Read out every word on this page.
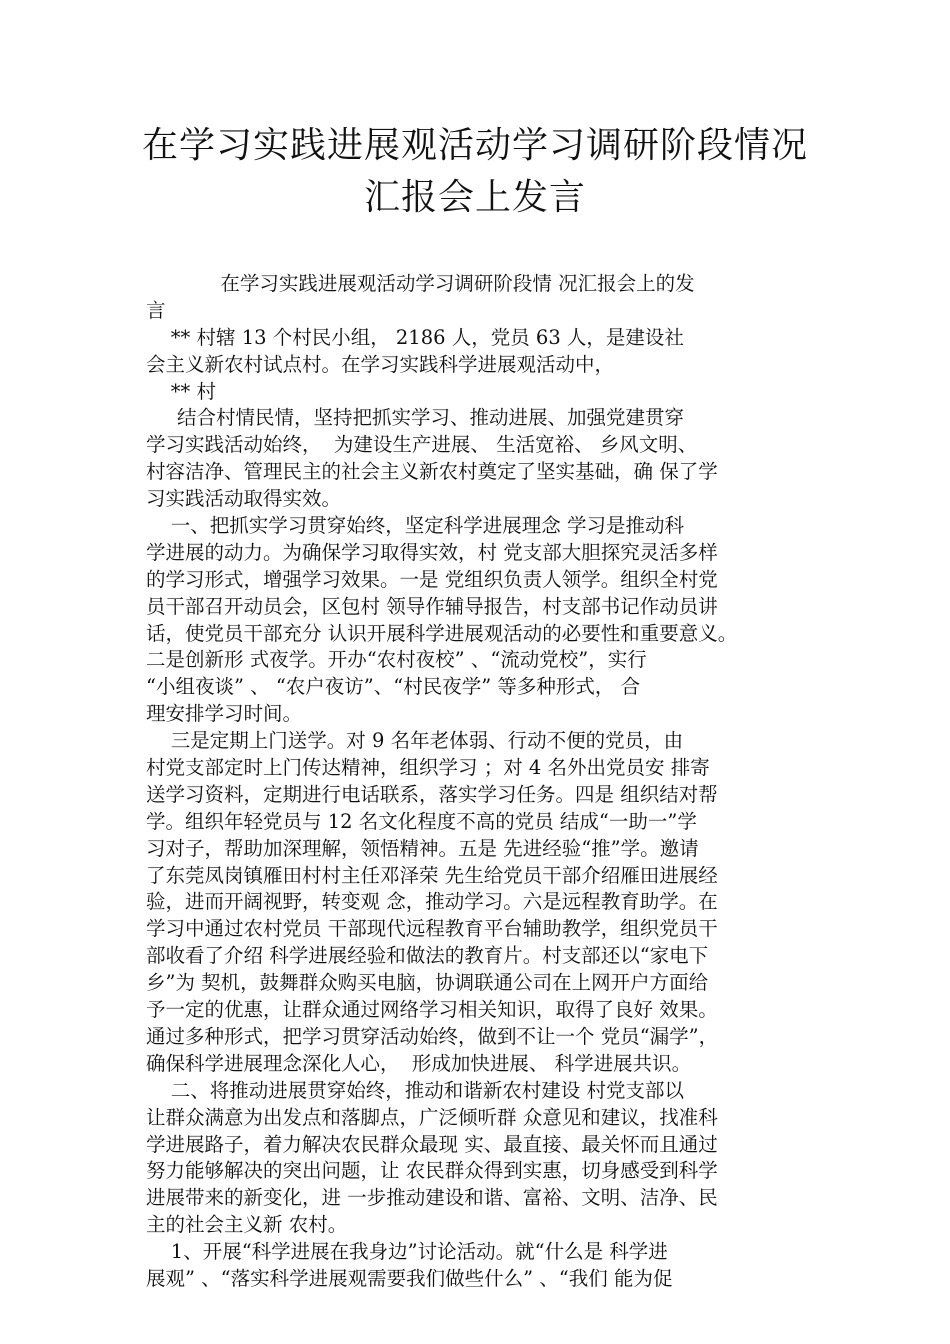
在学习实践进展观活动学习调研阶段情况
汇报会上发言
在学习实践进展观活动学习调研阶段情 况汇报会上的发
言
** 村辖 13 个村民小组， 2186 人，党员 63 人，是建设社
会主义新农村试点村。在学习实践科学进展观活动中，
** 村
结合村情民情，坚持把抓实学习、推动进展、加强党建贯穿
学习实践活动始终，  为建设生产进展、 生活宽裕、 乡风文明、
村容洁净、管理民主的社会主义新农村奠定了坚实基础，确 保了学
习实践活动取得实效。
一、把抓实学习贯穿始终，坚定科学进展理念 学习是推动科
学进展的动力。为确保学习取得实效，村 党支部大胆探究灵活多样
的学习形式，增强学习效果。一是 党组织负责人领学。组织全村党
员干部召开动员会，区包村 领导作辅导报告，村支部书记作动员讲
话，使党员干部充分 认识开展科学进展观活动的必要性和重要意义。
二是创新形 式夜学。开办“农村夜校” 、“流动党校”，实行
“小组夜谈” 、 “农户夜访”、“村民夜学” 等多种形式， 合
理安排学习时间。
三是定期上门送学。对 9 名年老体弱、行动不便的党员，由
村党支部定时上门传达精神，组织学习 ；对 4 名外出党员安 排寄
送学习资料，定期进行电话联系，落实学习任务。四是 组织结对帮
学。组织年轻党员与 12 名文化程度不高的党员 结成“一助一”学
习对子，帮助加深理解，领悟精神。五是 先进经验“推”学。邀请
了东莞凤岗镇雁田村村主任邓泽荣 先生给党员干部介绍雁田进展经
验，进而开阔视野，转变观 念，推动学习。六是远程教育助学。在
学习中通过农村党员 干部现代远程教育平台辅助教学，组织党员干
部收看了介绍 科学进展经验和做法的教育片。村支部还以“家电下
乡”为 契机，鼓舞群众购买电脑，协调联通公司在上网开户方面给
予一定的优惠，让群众通过网络学习相关知识，取得了良好 效果。
通过多种形式，把学习贯穿活动始终，做到不让一个 党员“漏学”，
确保科学进展理念深化人心，  形成加快进展、 科学进展共识。
二、将推动进展贯穿始终，推动和谐新农村建设 村党支部以
让群众满意为出发点和落脚点，广泛倾听群 众意见和建议，找准科
学进展路子，着力解决农民群众最现 实、最直接、最关怀而且通过
努力能够解决的突出问题，让 农民群众得到实惠，切身感受到科学
进展带来的新变化，进 一步推动建设和谐、富裕、文明、洁净、民
主的社会主义新 农村。
1、开展“科学进展在我身边”讨论活动。就“什么是 科学进
展观” 、“落实科学进展观需要我们做些什么” 、“我们 能为促
